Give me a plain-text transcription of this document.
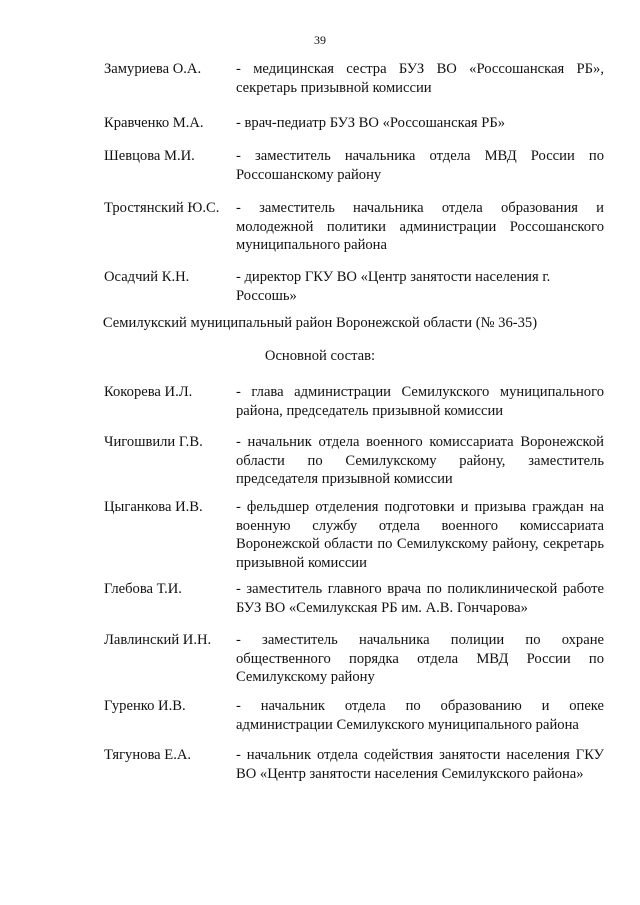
39
Замуриева О.А.	- медицинская сестра БУЗ ВО «Россошанская РБ», секретарь призывной комиссии
Кравченко М.А.	- врач-педиатр БУЗ ВО «Россошанская РБ»
Шевцова М.И.	- заместитель начальника отдела МВД России по Россошанскому району
Тростянский Ю.С.	- заместитель начальника отдела образования и молодежной политики администрации Россошанского муниципального района
Осадчий К.Н.	- директор ГКУ ВО «Центр занятости населения г. Россошь»
Семилукский муниципальный район Воронежской области (№ 36-35)
Основной состав:
Кокорева И.Л.	- глава администрации Семилукского муниципального района, председатель призывной комиссии
Чигошвили Г.В.	- начальник отдела военного комиссариата Воронежской области по Семилукскому району, заместитель председателя призывной комиссии
Цыганкова И.В.	- фельдшер отделения подготовки и призыва граждан на военную службу отдела военного комиссариата Воронежской области по Семилукскому району, секретарь призывной комиссии
Глебова Т.И.	- заместитель главного врача по поликлинической работе БУЗ ВО «Семилукская РБ им. А.В. Гончарова»
Лавлинский И.Н.	- заместитель начальника полиции по охране общественного порядка отдела МВД России по Семилукскому району
Гуренко И.В.	- начальник отдела по образованию и опеке администрации Семилукского муниципального района
Тягунова Е.А.	- начальник отдела содействия занятости населения ГКУ ВО «Центр занятости населения Семилукского района»
